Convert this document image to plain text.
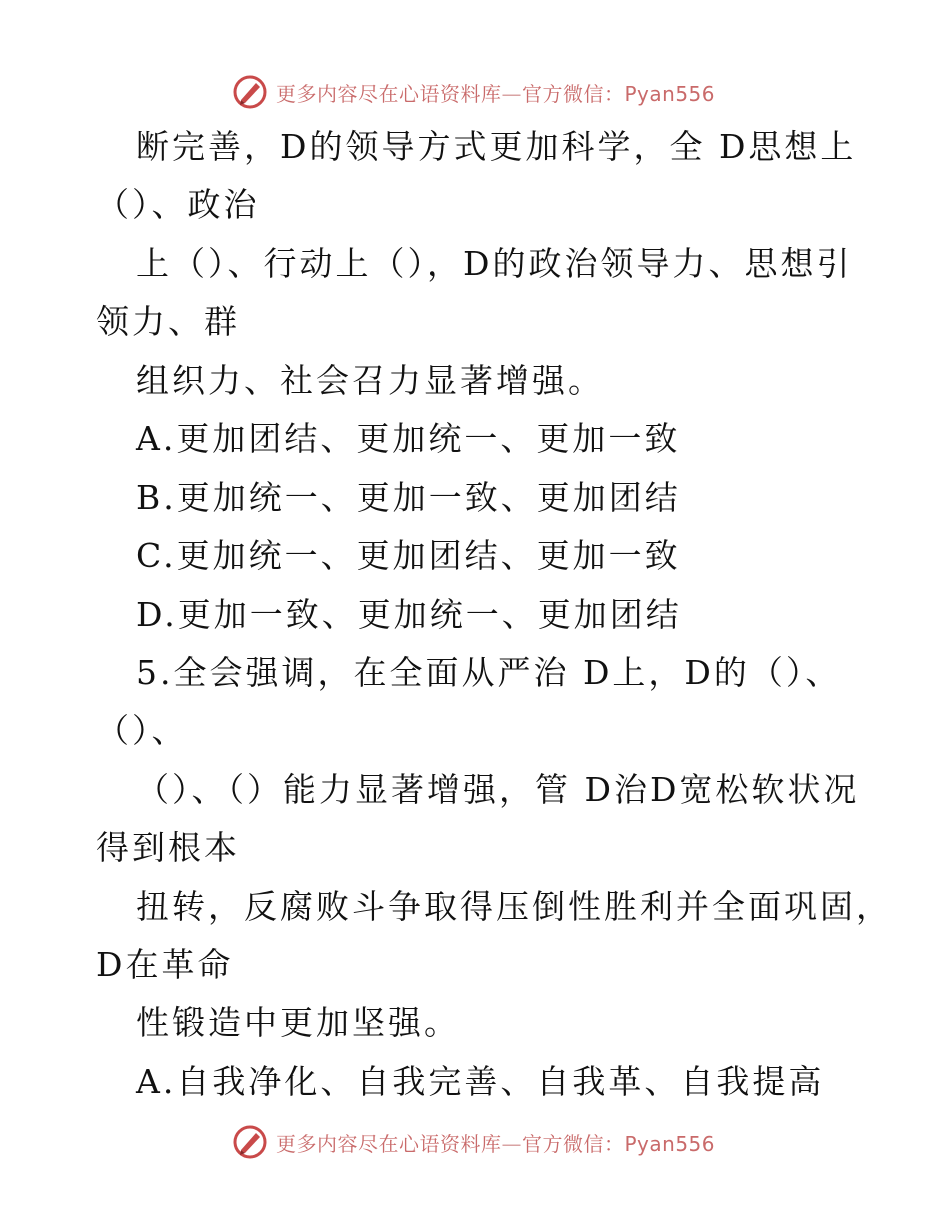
更多内容尽在心语资料库—官方微信：Pyan556
断完善，D的领导方式更加科学，全 D思想上
（）、政治
上（）、行动上（），D的政治领导力、思想引
领力、群
组织力、社会召力显著增强。
A.更加团结、更加统一、更加一致
B.更加统一、更加一致、更加团结
C.更加统一、更加团结、更加一致
D.更加一致、更加统一、更加团结
5.全会强调，在全面从严治 D上，D的（）、
（）、
（）、（）能力显著增强，管 D治D宽松软状况
得到根本
扭转，反腐败斗争取得压倒性胜利并全面巩固，
D在革命
性锻造中更加坚强。
A.自我净化、自我完善、自我革、自我提高
更多内容尽在心语资料库—官方微信：Pyan556
